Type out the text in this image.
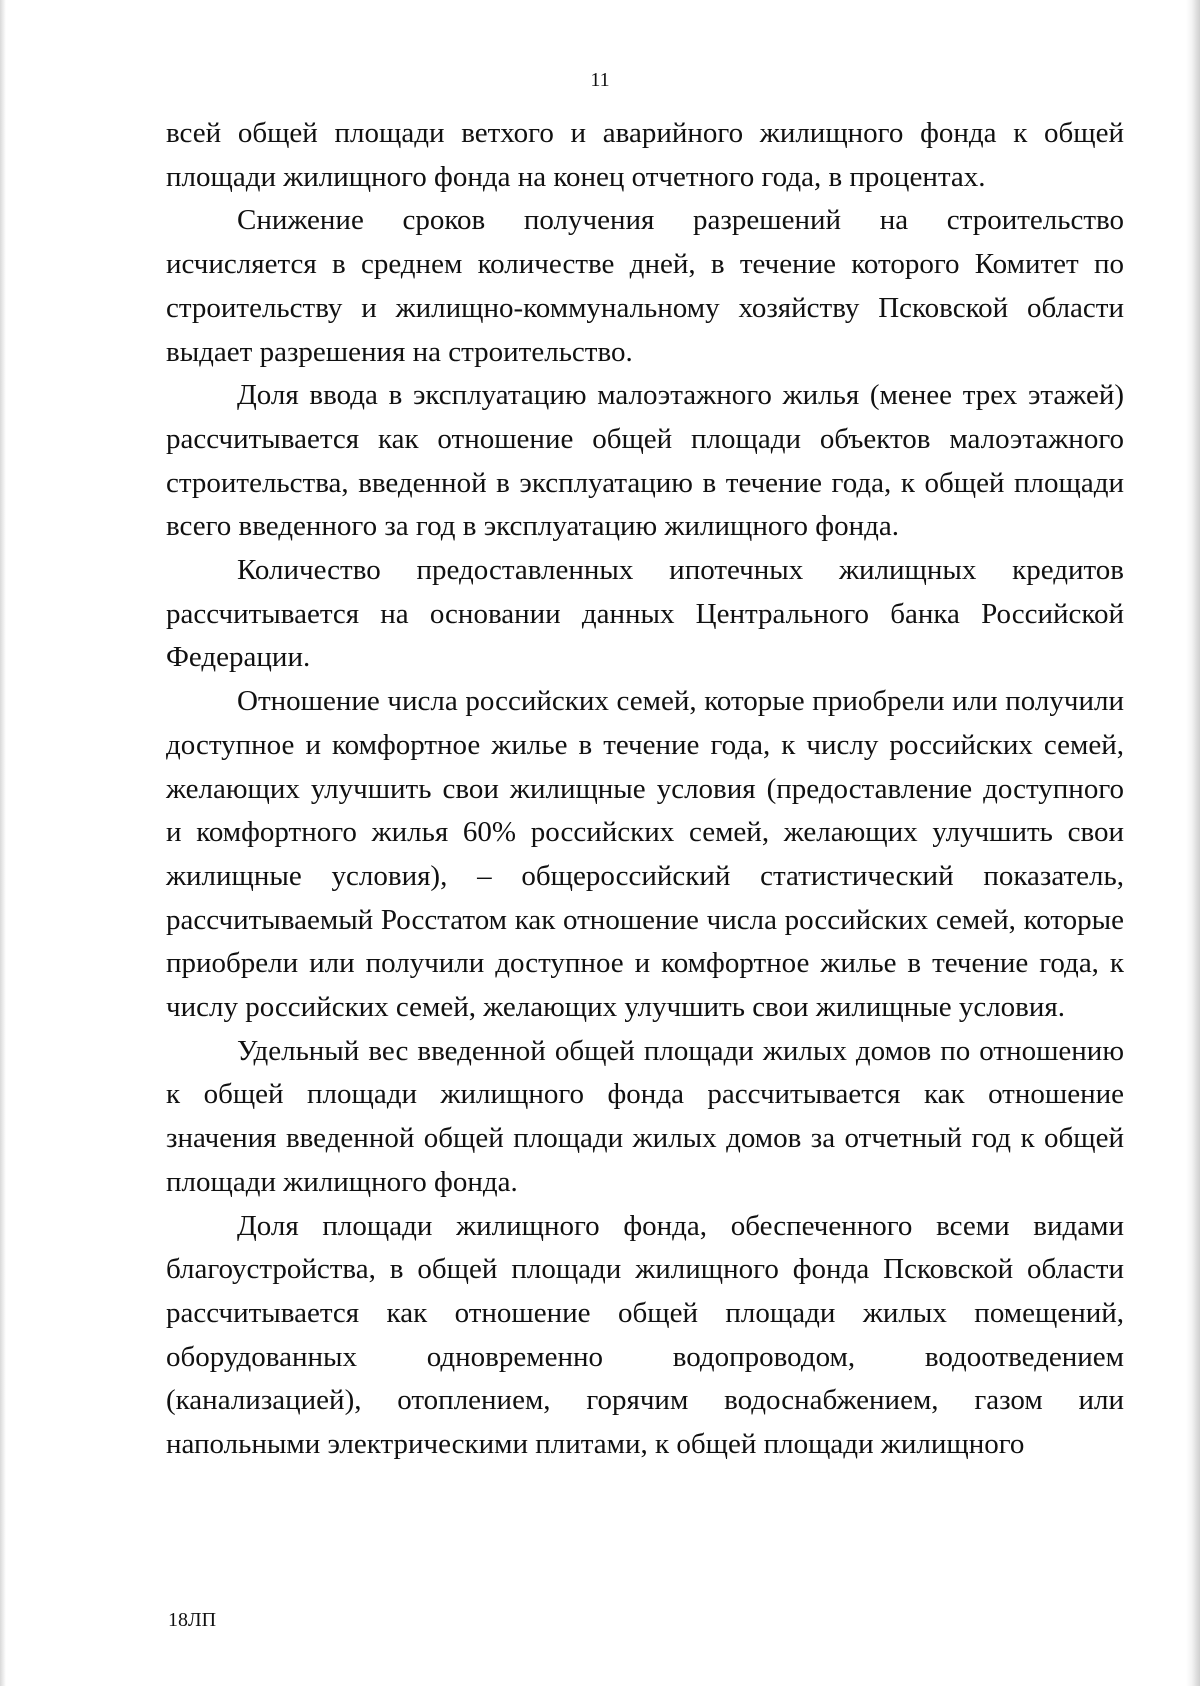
11

всей общей площади ветхого и аварийного жилищного фонда к общей площади жилищного фонда на конец отчетного года, в процентах.

Снижение сроков получения разрешений на строительство исчисляется в среднем количестве дней, в течение которого Комитет по строительству и жилищно-коммунальному хозяйству Псковской области выдает разрешения на строительство.

Доля ввода в эксплуатацию малоэтажного жилья (менее трех этажей) рассчитывается как отношение общей площади объектов малоэтажного строительства, введенной в эксплуатацию в течение года, к общей площади всего введенного за год в эксплуатацию жилищного фонда.

Количество предоставленных ипотечных жилищных кредитов рассчитывается на основании данных Центрального банка Российской Федерации.

Отношение числа российских семей, которые приобрели или получили доступное и комфортное жилье в течение года, к числу российских семей, желающих улучшить свои жилищные условия (предоставление доступного и комфортного жилья 60% российских семей, желающих улучшить свои жилищные условия), – общероссийский статистический показатель, рассчитываемый Росстатом как отношение числа российских семей, которые приобрели или получили доступное и комфортное жилье в течение года, к числу российских семей, желающих улучшить свои жилищные условия.

Удельный вес введенной общей площади жилых домов по отношению к общей площади жилищного фонда рассчитывается как отношение значения введенной общей площади жилых домов за отчетный год к общей площади жилищного фонда.

Доля площади жилищного фонда, обеспеченного всеми видами благоустройства, в общей площади жилищного фонда Псковской области рассчитывается как отношение общей площади жилых помещений, оборудованных одновременно водопроводом, водоотведением (канализацией), отоплением, горячим водоснабжением, газом или напольными электрическими плитами, к общей площади жилищного

18ЛП
